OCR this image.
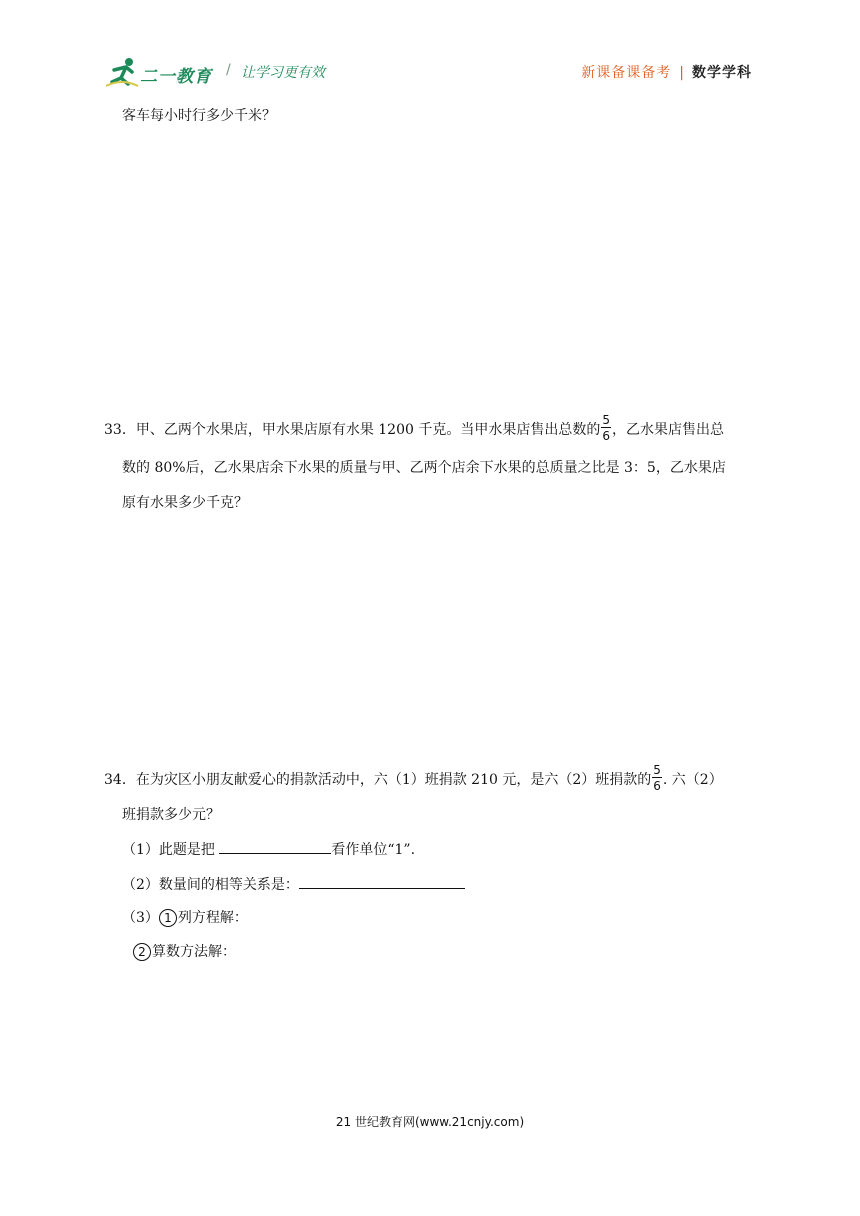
二一教育 / 让学习更有效	新课备课备考 | 数学学科
客车每小时行多少千米？
33．甲、乙两个水果店，甲水果店原有水果 1200 千克。当甲水果店售出总数的 $\frac{5}{6}$ ，乙水果店售出总
数的 80%后，乙水果店余下水果的质量与甲、乙两个店余下水果的总质量之比是 3：5，乙水果店
原有水果多少千克？
34．在为灾区小朋友献爱心的捐款活动中，六（1）班捐款 210 元，是六（2）班捐款的 $\frac{5}{6}$ . 六（2）
班捐款多少元？
（1）此题是把	看作单位“1”.
（2）数量间的相等关系是：
（3） 1 列方程解：
2 算数方法解：
21 世纪教育网(www.21cnjy.com)
